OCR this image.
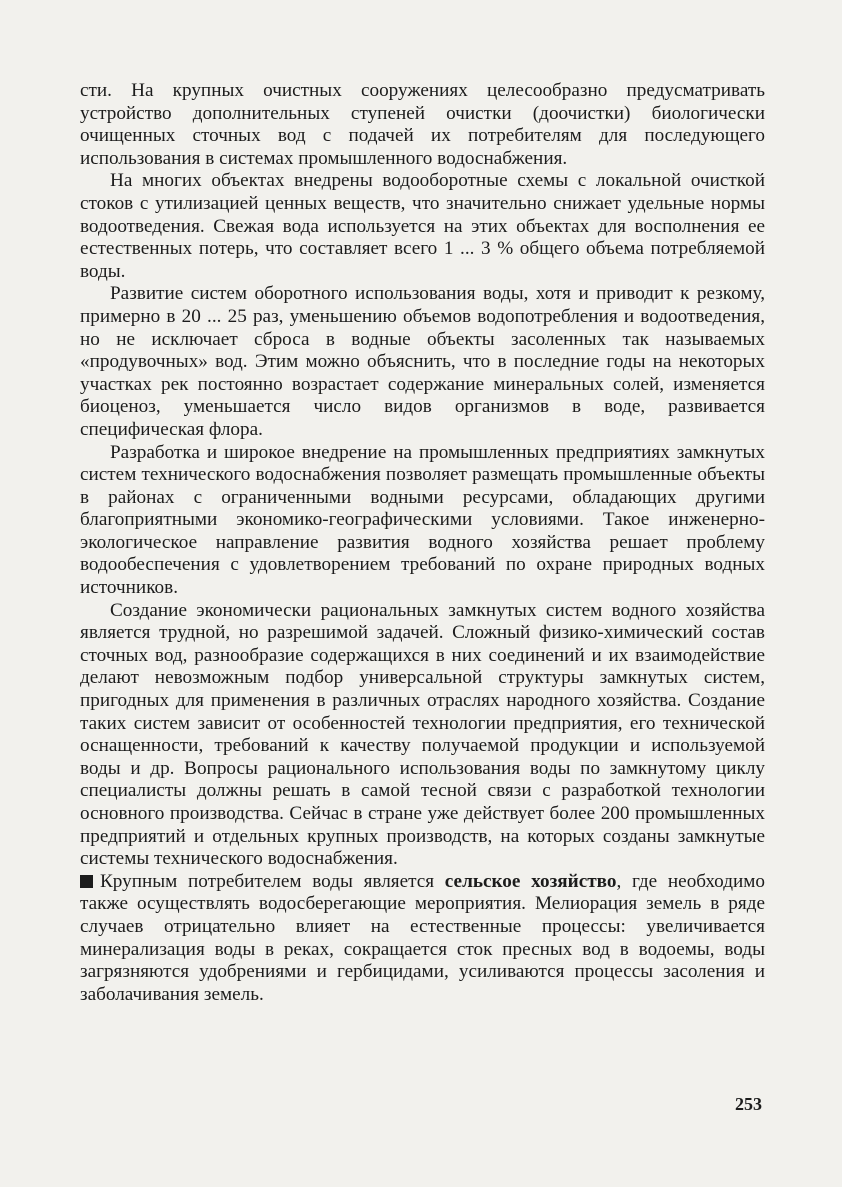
сти. На крупных очистных сооружениях целесообразно предусматривать устройство дополнительных ступеней очистки (доочистки) биологически очищенных сточных вод с подачей их потребителям для последующего использования в системах промышленного водоснабжения.

На многих объектах внедрены водооборотные схемы с локальной очисткой стоков с утилизацией ценных веществ, что значительно снижает удельные нормы водоотведения. Свежая вода используется на этих объектах для восполнения ее естественных потерь, что составляет всего 1 ... 3 % общего объема потребляемой воды.

Развитие систем оборотного использования воды, хотя и приводит к резкому, примерно в 20 ... 25 раз, уменьшению объемов водопотребления и водоотведения, но не исключает сброса в водные объекты засоленных так называемых «продувочных» вод. Этим можно объяснить, что в последние годы на некоторых участках рек постоянно возрастает содержание минеральных солей, изменяется биоценоз, уменьшается число видов организмов в воде, развивается специфическая флора.

Разработка и широкое внедрение на промышленных предприятиях замкнутых систем технического водоснабжения позволяет размещать промышленные объекты в районах с ограниченными водными ресурсами, обладающих другими благоприятными экономико-географическими условиями. Такое инженерно-экологическое направление развития водного хозяйства решает проблему водообеспечения с удовлетворением требований по охране природных водных источников.

Создание экономически рациональных замкнутых систем водного хозяйства является трудной, но разрешимой задачей. Сложный физико-химический состав сточных вод, разнообразие содержащихся в них соединений и их взаимодействие делают невозможным подбор универсальной структуры замкнутых систем, пригодных для применения в различных отраслях народного хозяйства. Создание таких систем зависит от особенностей технологии предприятия, его технической оснащенности, требований к качеству получаемой продукции и используемой воды и др. Вопросы рационального использования воды по замкнутому циклу специалисты должны решать в самой тесной связи с разработкой технологии основного производства. Сейчас в стране уже действует более 200 промышленных предприятий и отдельных крупных производств, на которых созданы замкнутые системы технического водоснабжения.

Крупным потребителем воды является сельское хозяйство, где необходимо также осуществлять водосберегающие мероприятия. Мелиорация земель в ряде случаев отрицательно влияет на естественные процессы: увеличивается минерализация воды в реках, сокращается сток пресных вод в водоемы, воды загрязняются удобрениями и гербицидами, усиливаются процессы засоления и заболачивания земель.

253
